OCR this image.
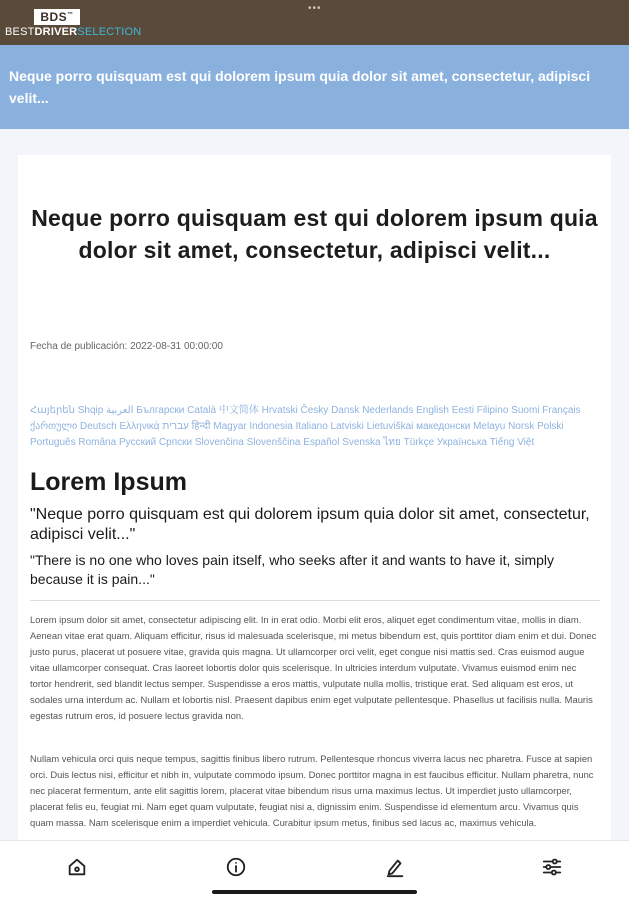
•••
BDS™
BESTDRIVERSELECTION
Neque porro quisquam est qui dolorem ipsum quia dolor sit amet, consectetur, adipisci velit...
Neque porro quisquam est qui dolorem ipsum quia dolor sit amet, consectetur, adipisci velit...
Fecha de publicación: 2022-08-31 00:00:00
Հայերեն Shqip العربية Български Català 中文简体 Hrvatski Česky Dansk Nederlands English Eesti Filipino Suomi Français ქართული Deutsch Ελληνικά עברית हिन्दी Magyar Indonesia Italiano Latviski Lietuviškai македонски Melayu Norsk Polski Português Româna Pyccкий Српски Slovenčina Slovenščina Español Svenska ไทย Türkçe Українська Tiếng Việt
Lorem Ipsum
"Neque porro quisquam est qui dolorem ipsum quia dolor sit amet, consectetur, adipisci velit..."
"There is no one who loves pain itself, who seeks after it and wants to have it, simply because it is pain..."

Lorem ipsum dolor sit amet, consectetur adipiscing elit. In in erat odio. Morbi elit eros, aliquet eget condimentum vitae, mollis in diam. Aenean vitae erat quam. Aliquam efficitur, risus id malesuada scelerisque, mi metus bibendum est, quis porttitor diam enim et dui. Donec justo purus, placerat ut posuere vitae, gravida quis magna. Ut ullamcorper orci velit, eget congue nisi mattis sed. Cras euismod augue vitae ullamcorper consequat. Cras laoreet lobortis dolor quis scelerisque. In ultricies interdum vulputate. Vivamus euismod enim nec tortor hendrerit, sed blandit lectus semper. Suspendisse a eros mattis, vulputate nulla mollis, tristique erat. Sed aliquam est eros, ut sodales urna interdum ac. Nullam et lobortis nisl. Praesent dapibus enim eget vulputate pellentesque. Phasellus ut facilisis nulla. Mauris egestas rutrum eros, id posuere lectus gravida non.

Nullam vehicula orci quis neque tempus, sagittis finibus libero rutrum. Pellentesque rhoncus viverra lacus nec pharetra. Fusce at sapien orci. Duis lectus nisi, efficitur et nibh in, vulputate commodo ipsum. Donec porttitor magna in est faucibus efficitur. Nullam pharetra, nunc nec placerat fermentum, ante elit sagittis lorem, placerat vitae bibendum risus urna maximus lectus. Ut imperdiet justo ullamcorper, placerat felis eu, feugiat mi. Nam eget quam vulputate, feugiat nisi a, dignissim enim. Suspendisse id elementum arcu. Vivamus quis quam massa. Nam scelerisque enim a imperdiet vehicula. Curabitur ipsum metus, finibus sed lacus ac, maximus vehicula.
